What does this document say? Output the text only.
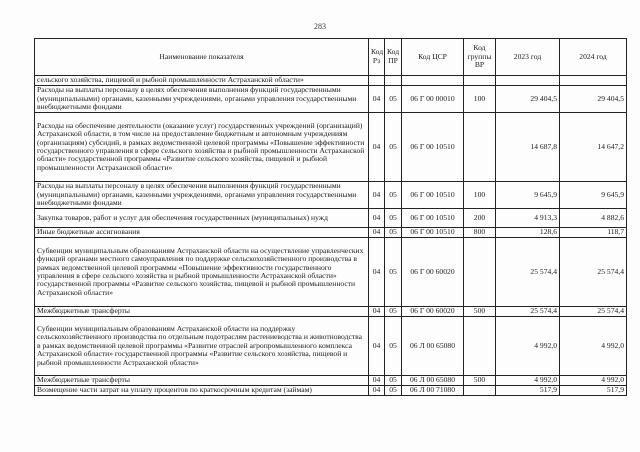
283
Наименование показателя	Код Рз	Код ПР	Код ЦСР	Код группы ВР	2023 год	2024 год
сельского хозяйства, пищевой и рыбной промышленности Астраханской области»						
Расходы на выплаты персоналу в целях обеспечения выполнения функций государственными (муниципальными) органами, казенными учреждениями, органами управления государственными внебюджетными фондами	04	05	06 Г 00 00010	100	29 404,5	29 404,5
Расходы на обеспечение деятельности (оказание услуг) государственных учреждений (организаций) Астраханской области, в том числе на предоставление бюджетным и автономным учреждениям (организациям) субсидий, в рамках ведомственной целевой программы «Повышение эффективности государственного управления в сфере сельского хозяйства и рыбной промышленности Астраханской области» государственной программы «Развитие сельского хозяйства, пищевой и рыбной промышленности Астраханской области»	04	05	06 Г 00 10510		14 687,8	14 647,2
Расходы на выплаты персоналу в целях обеспечения выполнения функций государственными (муниципальными) органами, казенными учреждениями, органами управления государственными внебюджетными фондами	04	05	06 Г 00 10510	100	9 645,9	9 645,9
Закупка товаров, работ и услуг для обеспечения государственных (муниципальных) нужд	04	05	06 Г 00 10510	200	4 913,3	4 882,6
Иные бюджетные ассигнования	04	05	06 Г 00 10510	800	128,6	118,7
Субвенции муниципальным образованиям Астраханской области на осуществление управленческих функций органами местного самоуправления по поддержке сельскохозяйственного производства в рамках ведомственной целевой программы «Повышение эффективности государственного управления в сфере сельского хозяйства и рыбной промышленности Астраханской области» государственной программы «Развитие сельского хозяйства, пищевой и рыбной промышленности Астраханской области»	04	05	06 Г 00 60020		25 574,4	25 574,4
Межбюджетные трансферты	04	05	06 Г 00 60020	500	25 574,4	25 574,4
Субвенции муниципальным образованиям Астраханской области на поддержку сельскохозяйственного производства по отдельным подотраслям растениеводства и животноводства в рамках ведомственной целевой программы «Развитие отраслей агропромышленного комплекса Астраханской области» государственной программы «Развитие сельского хозяйства, пищевой и рыбной промышленности Астраханской области»	04	05	06 Л 00 65080		4 992,0	4 992,0
Межбюджетные трансферты	04	05	06 Л 00 65080	500	4 992,0	4 992,0
Возмещение части затрат на уплату процентов по краткосрочным кредитам (займам)	04	05	06 Л 00 71080		517,9	517,9
